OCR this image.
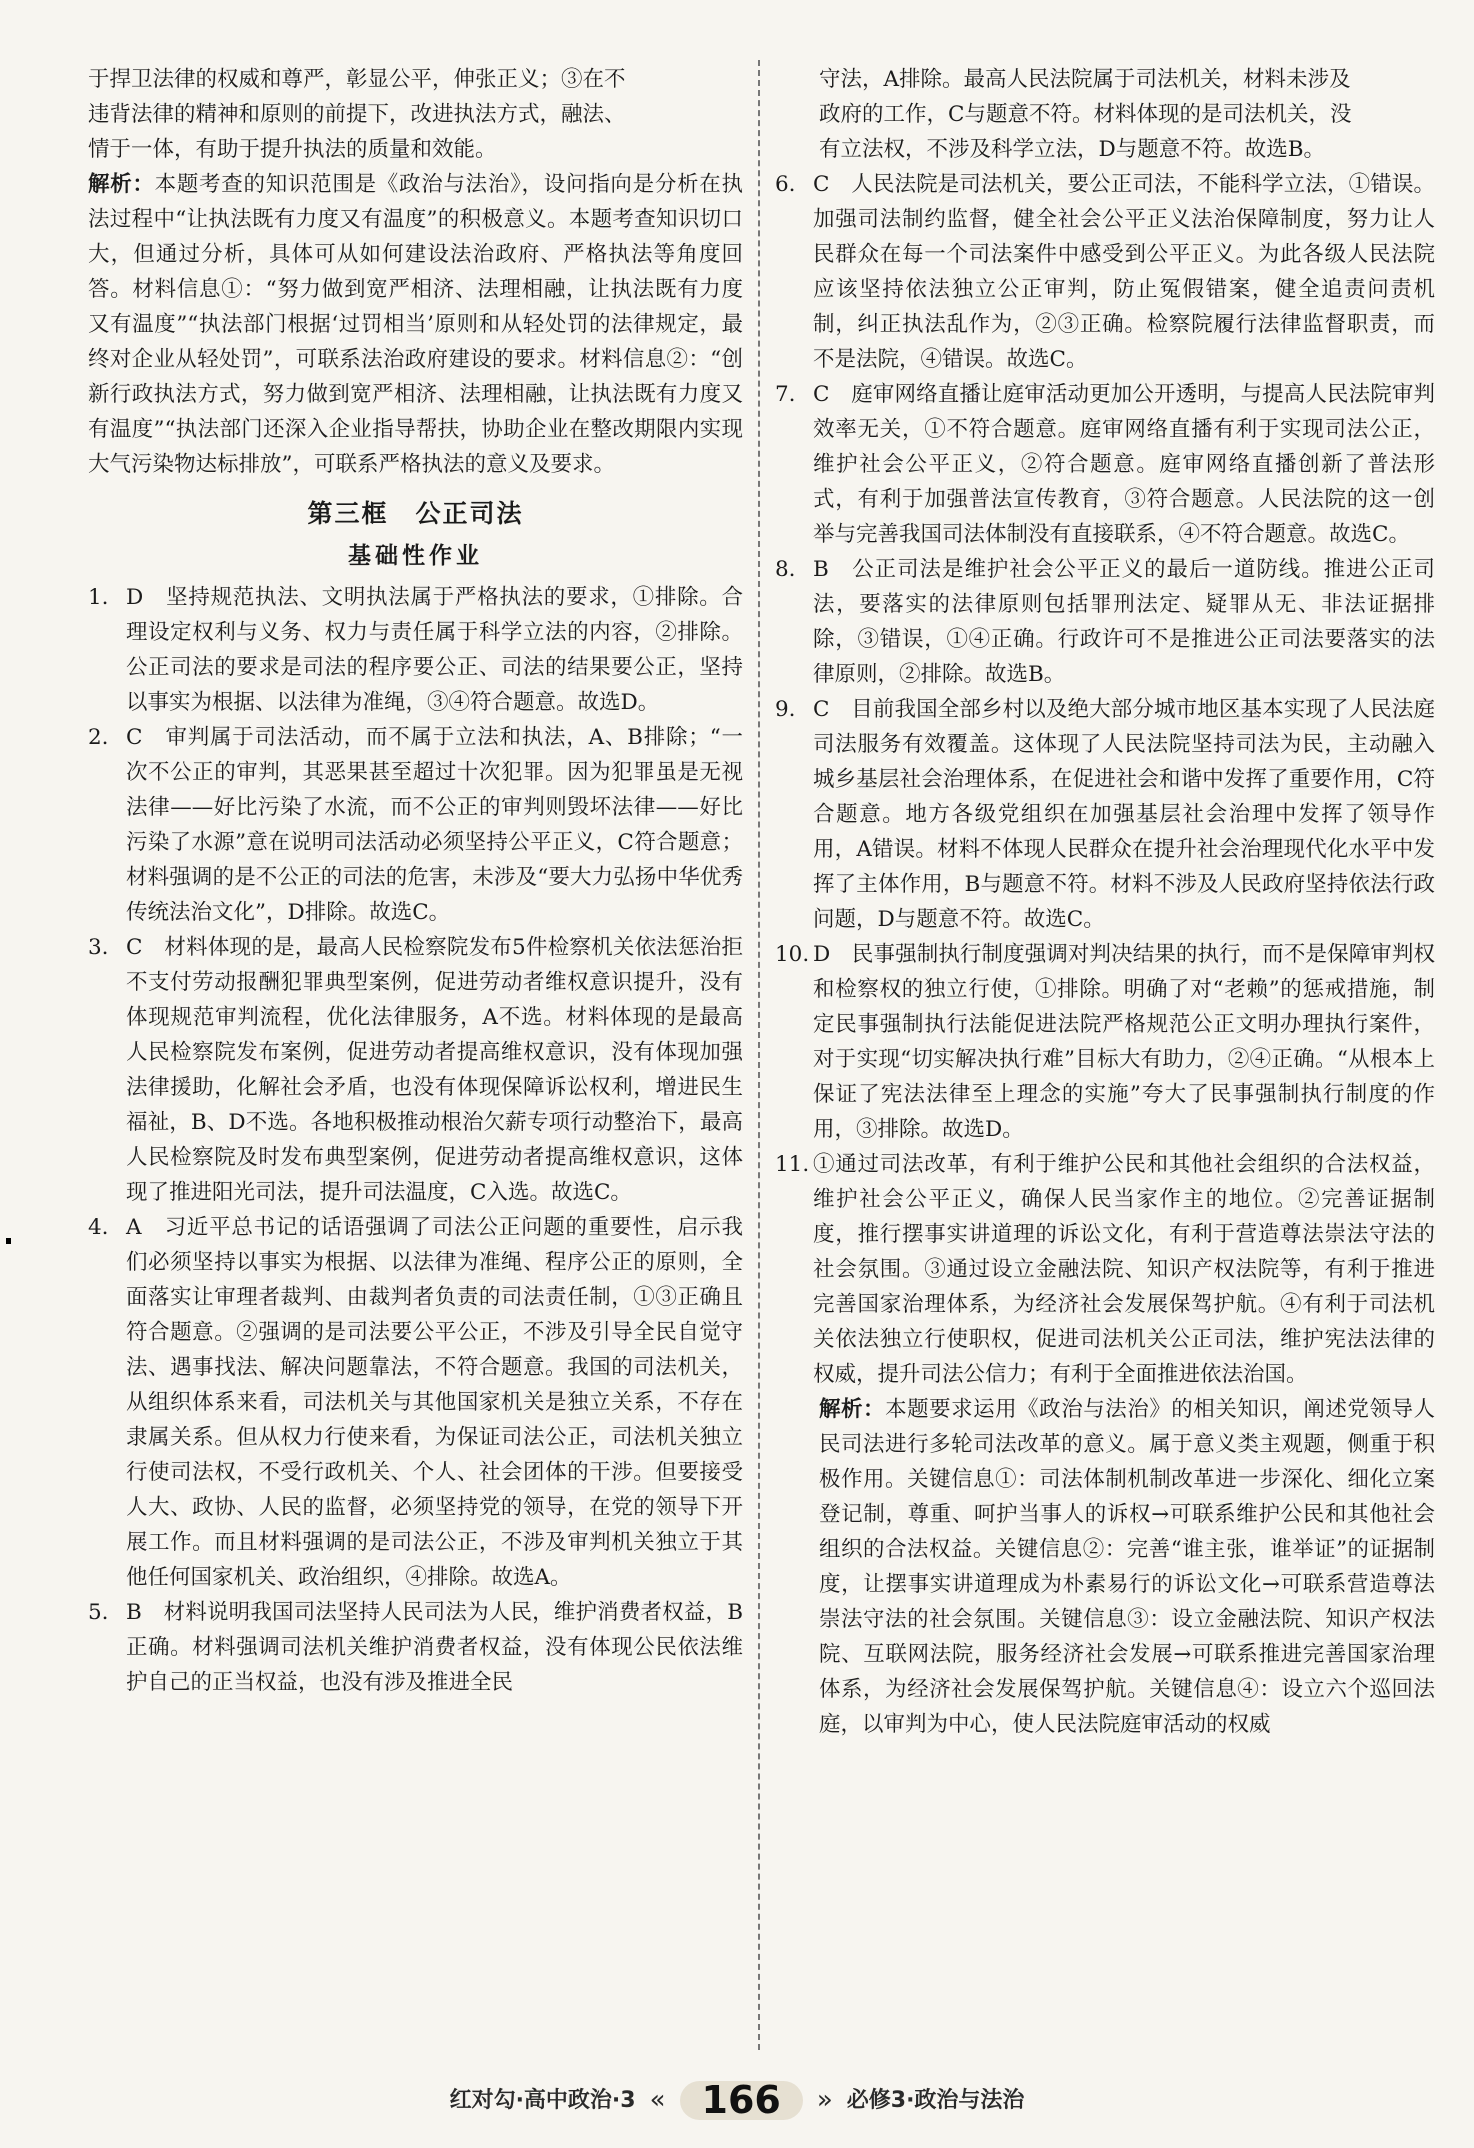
于捍卫法律的权威和尊严，彰显公平，伸张正义；③在不

违背法律的精神和原则的前提下，改进执法方式，融法、

情于一体，有助于提升执法的质量和效能。

解析：本题考查的知识范围是《政治与法治》，设问指向是分析在执法过程中“让执法既有力度又有温度”的积极意义。本题考查知识切口大，但通过分析，具体可从如何建设法治政府、严格执法等角度回答。材料信息①：“努力做到宽严相济、法理相融，让执法既有力度又有温度”“执法部门根据‘过罚相当’原则和从轻处罚的法律规定，最终对企业从轻处罚”，可联系法治政府建设的要求。材料信息②：“创新行政执法方式，努力做到宽严相济、法理相融，让执法既有力度又有温度”“执法部门还深入企业指导帮扶，协助企业在整改期限内实现大气污染物达标排放”，可联系严格执法的意义及要求。

第三框　公正司法
基础性作业
1. D　坚持规范执法、文明执法属于严格执法的要求，①排除。合理设定权利与义务、权力与责任属于科学立法的内容，②排除。公正司法的要求是司法的程序要公正、司法的结果要公正，坚持以事实为根据、以法律为准绳，③④符合题意。故选D。

2. C　审判属于司法活动，而不属于立法和执法，A、B排除；“一次不公正的审判，其恶果甚至超过十次犯罪。因为犯罪虽是无视法律——好比污染了水流，而不公正的审判则毁坏法律——好比污染了水源”意在说明司法活动必须坚持公平正义，C符合题意；材料强调的是不公正的司法的危害，未涉及“要大力弘扬中华优秀传统法治文化”，D排除。故选C。

3. C　材料体现的是，最高人民检察院发布5件检察机关依法惩治拒不支付劳动报酬犯罪典型案例，促进劳动者维权意识提升，没有体现规范审判流程，优化法律服务，A不选。材料体现的是最高人民检察院发布案例，促进劳动者提高维权意识，没有体现加强法律援助，化解社会矛盾，也没有体现保障诉讼权利，增进民生福祉，B、D不选。各地积极推动根治欠薪专项行动整治下，最高人民检察院及时发布典型案例，促进劳动者提高维权意识，这体现了推进阳光司法，提升司法温度，C入选。故选C。

4. A　习近平总书记的话语强调了司法公正问题的重要性，启示我们必须坚持以事实为根据、以法律为准绳、程序公正的原则，全面落实让审理者裁判、由裁判者负责的司法责任制，①③正确且符合题意。②强调的是司法要公平公正，不涉及引导全民自觉守法、遇事找法、解决问题靠法，不符合题意。我国的司法机关，从组织体系来看，司法机关与其他国家机关是独立关系，不存在隶属关系。但从权力行使来看，为保证司法公正，司法机关独立行使司法权，不受行政机关、个人、社会团体的干涉。但要接受人大、政协、人民的监督，必须坚持党的领导，在党的领导下开展工作。而且材料强调的是司法公正，不涉及审判机关独立于其他任何国家机关、政治组织，④排除。故选A。

5. B　材料说明我国司法坚持人民司法为人民，维护消费者权益，B正确。材料强调司法机关维护消费者权益，没有体现公民依法维护自己的正当权益，也没有涉及推进全民

守法，A排除。最高人民法院属于司法机关，材料未涉及

政府的工作，C与题意不符。材料体现的是司法机关，没

有立法权，不涉及科学立法，D与题意不符。故选B。

6. C　人民法院是司法机关，要公正司法，不能科学立法，①错误。加强司法制约监督，健全社会公平正义法治保障制度，努力让人民群众在每一个司法案件中感受到公平正义。为此各级人民法院应该坚持依法独立公正审判，防止冤假错案，健全追责问责机制，纠正执法乱作为，②③正确。检察院履行法律监督职责，而不是法院，④错误。故选C。

7. C　庭审网络直播让庭审活动更加公开透明，与提高人民法院审判效率无关，①不符合题意。庭审网络直播有利于实现司法公正，维护社会公平正义，②符合题意。庭审网络直播创新了普法形式，有利于加强普法宣传教育，③符合题意。人民法院的这一创举与完善我国司法体制没有直接联系，④不符合题意。故选C。

8. B　公正司法是维护社会公平正义的最后一道防线。推进公正司法，要落实的法律原则包括罪刑法定、疑罪从无、非法证据排除，③错误，①④正确。行政许可不是推进公正司法要落实的法律原则，②排除。故选B。

9. C　目前我国全部乡村以及绝大部分城市地区基本实现了人民法庭司法服务有效覆盖。这体现了人民法院坚持司法为民，主动融入城乡基层社会治理体系，在促进社会和谐中发挥了重要作用，C符合题意。地方各级党组织在加强基层社会治理中发挥了领导作用，A错误。材料不体现人民群众在提升社会治理现代化水平中发挥了主体作用，B与题意不符。材料不涉及人民政府坚持依法行政问题，D与题意不符。故选C。

10. D　民事强制执行制度强调对判决结果的执行，而不是保障审判权和检察权的独立行使，①排除。明确了对“老赖”的惩戒措施，制定民事强制执行法能促进法院严格规范公正文明办理执行案件，对于实现“切实解决执行难”目标大有助力，②④正确。“从根本上保证了宪法法律至上理念的实施”夸大了民事强制执行制度的作用，③排除。故选D。

11. ①通过司法改革，有利于维护公民和其他社会组织的合法权益，维护社会公平正义，确保人民当家作主的地位。②完善证据制度，推行摆事实讲道理的诉讼文化，有利于营造尊法崇法守法的社会氛围。③通过设立金融法院、知识产权法院等，有利于推进完善国家治理体系，为经济社会发展保驾护航。④有利于司法机关依法独立行使职权，促进司法机关公正司法，维护宪法法律的权威，提升司法公信力；有利于全面推进依法治国。

解析：本题要求运用《政治与法治》的相关知识，阐述党领导人民司法进行多轮司法改革的意义。属于意义类主观题，侧重于积极作用。关键信息①：司法体制机制改革进一步深化、细化立案登记制，尊重、呵护当事人的诉权→可联系维护公民和其他社会组织的合法权益。关键信息②：完善“谁主张，谁举证”的证据制度，让摆事实讲道理成为朴素易行的诉讼文化→可联系营造尊法崇法守法的社会氛围。关键信息③：设立金融法院、知识产权法院、互联网法院，服务经济社会发展→可联系推进完善国家治理体系，为经济社会发展保驾护航。关键信息④：设立六个巡回法庭，以审判为中心，使人民法院庭审活动的权威

红对勾·高中政治·3 « 166	» 必修3·政治与法治
